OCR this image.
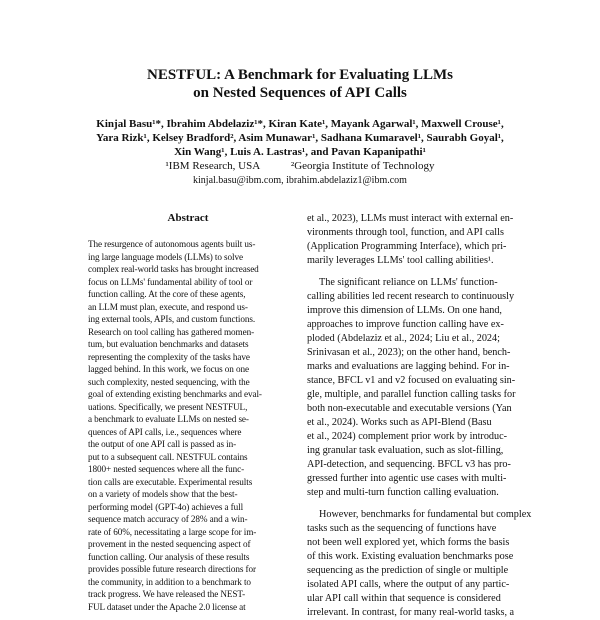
NESTFUL: A Benchmark for Evaluating LLMs
on Nested Sequences of API Calls
Kinjal Basu¹*, Ibrahim Abdelaziz¹*, Kiran Kate¹, Mayank Agarwal¹, Maxwell Crouse¹,
Yara Rizk¹, Kelsey Bradford², Asim Munawar¹, Sadhana Kumaravel¹, Saurabh Goyal¹,
Xin Wang¹, Luis A. Lastras¹, and Pavan Kapanipathi¹
¹IBM Research, USA	²Georgia Institute of Technology
kinjal.basu@ibm.com, ibrahim.abdelaziz1@ibm.com
Abstract
The resurgence of autonomous agents built us-
ing large language models (LLMs) to solve
complex real-world tasks has brought increased
focus on LLMs' fundamental ability of tool or
function calling. At the core of these agents,
an LLM must plan, execute, and respond us-
ing external tools, APIs, and custom functions.
Research on tool calling has gathered momen-
tum, but evaluation benchmarks and datasets
representing the complexity of the tasks have
lagged behind. In this work, we focus on one
such complexity, nested sequencing, with the
goal of extending existing benchmarks and eval-
uations. Specifically, we present NESTFUL,
a benchmark to evaluate LLMs on nested se-
quences of API calls, i.e., sequences where
the output of one API call is passed as in-
put to a subsequent call. NESTFUL contains
1800+ nested sequences where all the func-
tion calls are executable. Experimental results
on a variety of models show that the best-
performing model (GPT-4o) achieves a full
sequence match accuracy of 28% and a win-
rate of 60%, necessitating a large scope for im-
provement in the nested sequencing aspect of
function calling. Our analysis of these results
provides possible future research directions for
the community, in addition to a benchmark to
track progress. We have released the NEST-
FUL dataset under the Apache 2.0 license at
et al., 2023), LLMs must interact with external en-
vironments through tool, function, and API calls
(Application Programming Interface), which pri-
marily leverages LLMs' tool calling abilities¹.
The significant reliance on LLMs' function-
calling abilities led recent research to continuously
improve this dimension of LLMs. On one hand,
approaches to improve function calling have ex-
ploded (Abdelaziz et al., 2024; Liu et al., 2024;
Srinivasan et al., 2023); on the other hand, bench-
marks and evaluations are lagging behind. For in-
stance, BFCL v1 and v2 focused on evaluating sin-
gle, multiple, and parallel function calling tasks for
both non-executable and executable versions (Yan
et al., 2024). Works such as API-Blend (Basu
et al., 2024) complement prior work by introduc-
ing granular task evaluation, such as slot-filling,
API-detection, and sequencing. BFCL v3 has pro-
gressed further into agentic use cases with multi-
step and multi-turn function calling evaluation.
However, benchmarks for fundamental but complex
tasks such as the sequencing of functions have
not been well explored yet, which forms the basis
of this work. Existing evaluation benchmarks pose
sequencing as the prediction of single or multiple
isolated API calls, where the output of any partic-
ular API call within that sequence is considered
irrelevant. In contrast, for many real-world tasks, a
